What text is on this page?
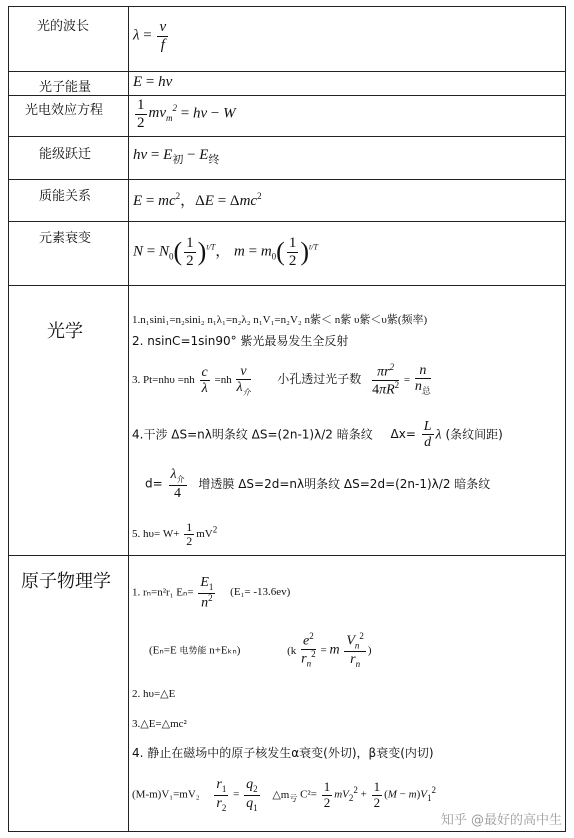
光的波长
光子能量
光电效应方程
能级跃迁
质能关系
元素衰变
光学
原子物理学
$\lambda = \frac{v}{f}$
E = hν
$\frac{1}{2} mv_m^2 = h\nu - W$
$h\nu = E_初 - E_终$
$E = mc^2$，ΔE = Δmc$^2$
$N = N_0( \frac{1}{2} )^{t/T}$， $m = m_0( \frac{1}{2} )^{t/T}$
1.n₁sini₁=n₂sini₂ n₁λ₁=n₂λ₂ n₁V₁=n₂V₂ n紫＜ n紫 υ紫＜υ紫(频率)
2. nsinC=1sin90° 紫光最易发生全反射
3. $Pt=nh\upsilon =nh \frac{c}{\lambda} =nh \frac{\nu}{\lambda_介}$ 小孔透过光子数 $\frac{\pi r^2}{4\pi R^2} = \frac{n}{n_总}$
4.干涉 ΔS=nλ明条纹 ΔS=(2n-1)λ/2 暗条纹 $\Delta x= \frac{L}{d}$ λ (条纹间距)
$d= \frac{\lambda_介}{4}$ 增透膜 ΔS=2d=nλ明条纹 ΔS=2d=(2n-1)λ/2 暗条纹
5. $h\upsilon= W+ \frac{1}{2} mV^2$
1. rₙ=n²r₁ $E_n= \frac{E_1}{n^2} (E_1= -13.6ev)$
(Eₙ=E 电势能 n+Eₖₙ)	($k \frac{e^2}{r_n^2} = m \frac{V_n^2}{r_n}$ )
2. hυ=△E
3.△E=△mc²
4. 静止在磁场中的原子核发生α衰变(外切)，β衰变(内切)
$(M-m)V_1=mV_2 \frac{r_1}{r_2} = \frac{q_2}{q_1}$ $\triangle m_亏$ $C^2= \frac{1}{2} mV_2^2 + \frac{1}{2} (M - m)V_1^2$
知乎 @最好的高中生
